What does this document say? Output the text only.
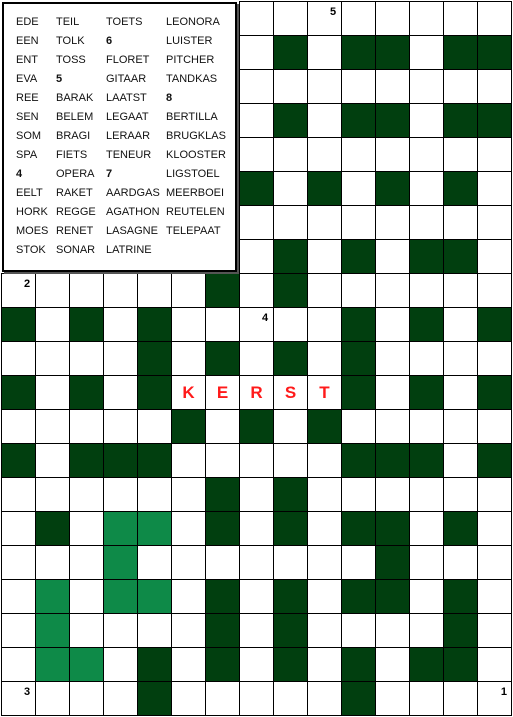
5
2
4
K	E	R	S	T
3	1
EDE TEIL TOETS LEONORA
EEN TOLK 6	LUISTER
ENT TOSS FLORET PITCHER
EVA 5	GITAAR TANDKAS
REE BARAK LAATST 8
SEN BELEM LEGAAT BERTILLA
SOM BRAGI LERAAR BRUGKLAS
SPA FIETS TENEUR KLOOSTER
4	OPERA 7	LIGSTOEL
EELT RAKET AARDGAS MEERBOEI
HORK REGGE AGATHON REUTELEN
MOES RENET LASAGNE TELEPAAT
STOK SONAR LATRINE
